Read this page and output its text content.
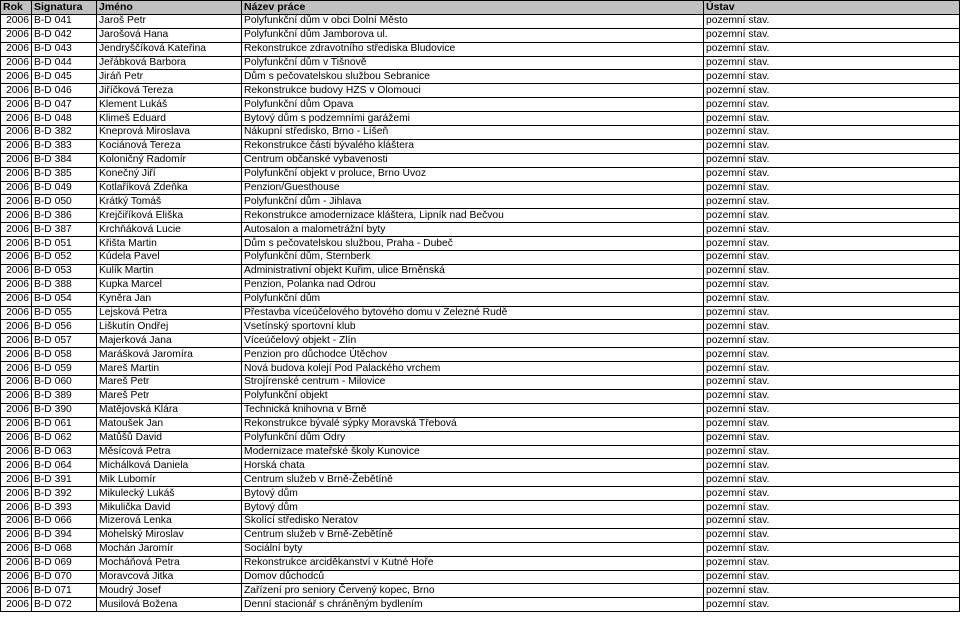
Rok	Signatura	Jméno	Název práce	Ústav
2006	B-D 041	Jaroš Petr	Polyfunkční dům v obci Dolní Město	pozemní stav.
2006	B-D 042	Jarošová Hana	Polyfunkční dům Jamborova ul.	pozemní stav.
2006	B-D 043	Jendryščíková Kateřina	Rekonstrukce zdravotního střediska Bludovice	pozemní stav.
2006	B-D 044	Jeřábková Barbora	Polyfunkční dům v Tišnově	pozemní stav.
2006	B-D 045	Jiráň Petr	Dům s pečovatelskou službou Sebranice	pozemní stav.
2006	B-D 046	Jiříčková Tereza	Rekonstrukce budovy HZS v Olomouci	pozemní stav.
2006	B-D 047	Klement Lukáš	Polyfunkční dům Opava	pozemní stav.
2006	B-D 048	Klimeš Eduard	Bytový dům s podzemními garážemi	pozemní stav.
2006	B-D 382	Kneprová Miroslava	Nákupní středisko, Brno - Líšeň	pozemní stav.
2006	B-D 383	Kociánová Tereza	Rekonstrukce části bývalého kláštera	pozemní stav.
2006	B-D 384	Koloničný Radomír	Centrum občanské vybavenosti	pozemní stav.
2006	B-D 385	Konečný Jiří	Polyfunkční objekt v proluce, Brno Úvoz	pozemní stav.
2006	B-D 049	Kotlaříková Zdeňka	Penzion/Guesthouse	pozemní stav.
2006	B-D 050	Krátký Tomáš	Polyfunkční dům - Jihlava	pozemní stav.
2006	B-D 386	Krejčiříková Eliška	Rekonstrukce amodernizace kláštera, Lipník nad Bečvou	pozemní stav.
2006	B-D 387	Krchňáková Lucie	Autosalon a malometrážní byty	pozemní stav.
2006	B-D 051	Křišta Martin	Dům s pečovatelskou službou, Praha - Dubeč	pozemní stav.
2006	B-D 052	Kúdela Pavel	Polyfunkční dům, Šternberk	pozemní stav.
2006	B-D 053	Kulík Martin	Administrativní objekt Kuřim, ulice Brněnská	pozemní stav.
2006	B-D 388	Kupka Marcel	Penzion, Polanka nad Odrou	pozemní stav.
2006	B-D 054	Kyněra Jan	Polyfunkční dům	pozemní stav.
2006	B-D 055	Lejsková Petra	Přestavba víceúčelového bytového domu v Železné Rudě	pozemní stav.
2006	B-D 056	Liškutín Ondřej	Vsetínský sportovní klub	pozemní stav.
2006	B-D 057	Majerková Jana	Víceúčelový objekt - Zlín	pozemní stav.
2006	B-D 058	Marášková Jaromíra	Penzion pro důchodce Útěchov	pozemní stav.
2006	B-D 059	Mareš Martin	Nová budova kolejí Pod Palackého vrchem	pozemní stav.
2006	B-D 060	Mareš Petr	Strojírenské centrum - Milovice	pozemní stav.
2006	B-D 389	Mareš Petr	Polyfunkční objekt	pozemní stav.
2006	B-D 390	Matějovská Klára	Technická knihovna v Brně	pozemní stav.
2006	B-D 061	Matoušek Jan	Rekonstrukce bývalé sýpky Moravská Třebová	pozemní stav.
2006	B-D 062	Matůšů David	Polyfunkční dům Odry	pozemní stav.
2006	B-D 063	Měsícová Petra	Modernizace mateřské školy Kunovice	pozemní stav.
2006	B-D 064	Michálková Daniela	Horská chata	pozemní stav.
2006	B-D 391	Mik Lubomír	Centrum služeb v Brně-Žebětíně	pozemní stav.
2006	B-D 392	Mikulecký Lukáš	Bytový dům	pozemní stav.
2006	B-D 393	Mikulička David	Bytový dům	pozemní stav.
2006	B-D 066	Mizerová Lenka	Školící středisko Neratov	pozemní stav.
2006	B-D 394	Mohelský Miroslav	Centrum služeb v Brně-Žebětíně	pozemní stav.
2006	B-D 068	Mochán Jaromír	Sociální byty	pozemní stav.
2006	B-D 069	Mocháňová Petra	Rekonstrukce arciděkanství v Kutné Hoře	pozemní stav.
2006	B-D 070	Moravcová Jitka	Domov důchodců	pozemní stav.
2006	B-D 071	Moudrý Josef	Zařízení pro seniory Červený kopec, Brno	pozemní stav.
2006	B-D 072	Musilová Božena	Denní stacionář s chráněným bydlením	pozemní stav.
